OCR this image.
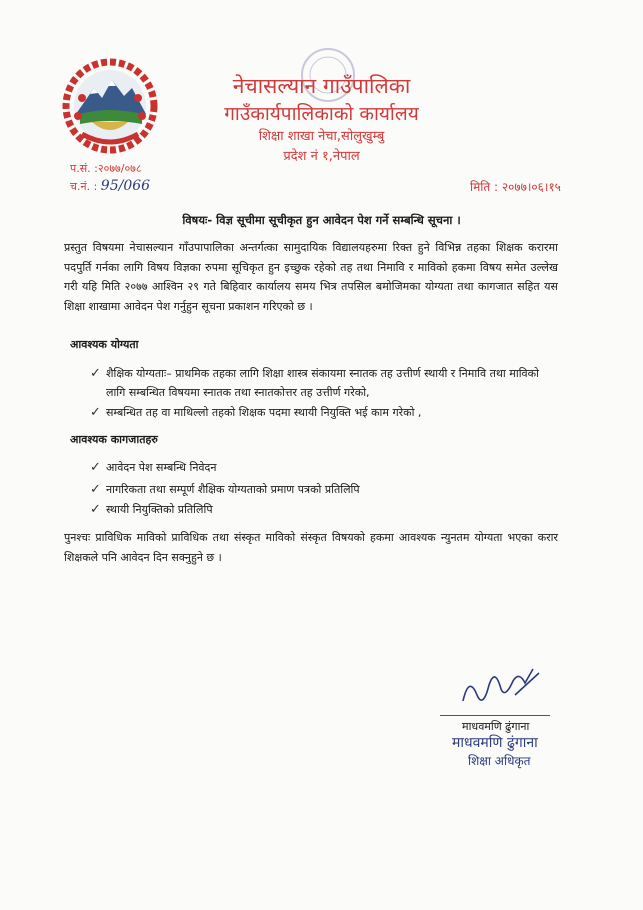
नेचासल्यान गाउँपालिका
गाउँकार्यपालिकाको कार्यालय
शिक्षा शाखा नेचा,सोलुखुम्बु
प्रदेश नं १,नेपाल
प.सं. :२०७७/०७८
च.नं. : 95/066	मिति : २०७७।०६।१५
विषयः- विज्ञ सूचीमा सूचीकृत हुन आवेदन पेश गर्ने सम्बन्धि सूचना ।
प्रस्तुत विषयमा नेचासल्यान गाँउपापालिका अन्तर्गत्का सामुदायिक विद्यालयहरुमा रिक्त हुने विभिन्न तहका शिक्षक करारमा पदपुर्ति गर्नका लागि विषय विज्ञका रुपमा सूचिकृत हुन इच्छुक रहेको तह तथा निमावि र माविको हकमा विषय समेत उल्लेख गरी यहि मिति २०७७ आश्विन २९ गते बिहिवार कार्यालय समय भित्र तपसिल बमोजिमका योग्यता तथा कागजात सहित यस शिक्षा शाखामा आवेदन पेश गर्नुहुन सूचना प्रकाशन गरिएको छ ।
आवश्यक योग्यता
✓ शैक्षिक योग्यताः– प्राथमिक तहका लागि शिक्षा शास्त्र संकायमा स्नातक तह उत्तीर्ण स्थायी र निमावि तथा माविको लागि सम्बन्धित विषयमा स्नातक तथा स्नातकोत्तर तह उत्तीर्ण गरेको,
✓ सम्बन्धित तह वा माथिल्लो तहको शिक्षक पदमा स्थायी नियुक्ति भई काम गरेको ,
आवश्यक कागजातहरु
✓ आवेदन पेश सम्बन्धि निवेदन
✓ नागरिकता तथा सम्पूर्ण शैक्षिक योग्यताको प्रमाण पत्रको प्रतिलिपि
✓ स्थायी नियुक्तिको प्रतिलिपि
पुनश्चः प्राविधिक माविको प्राविधिक तथा संस्कृत माविको संस्कृत विषयको हकमा आवश्यक न्युनतम योग्यता भएका करार शिक्षकले पनि आवेदन दिन सक्नुहुने छ ।
माधवमणि ढुंगाना
माधवमणि ढुंगाना
शिक्षा अधिकृत
